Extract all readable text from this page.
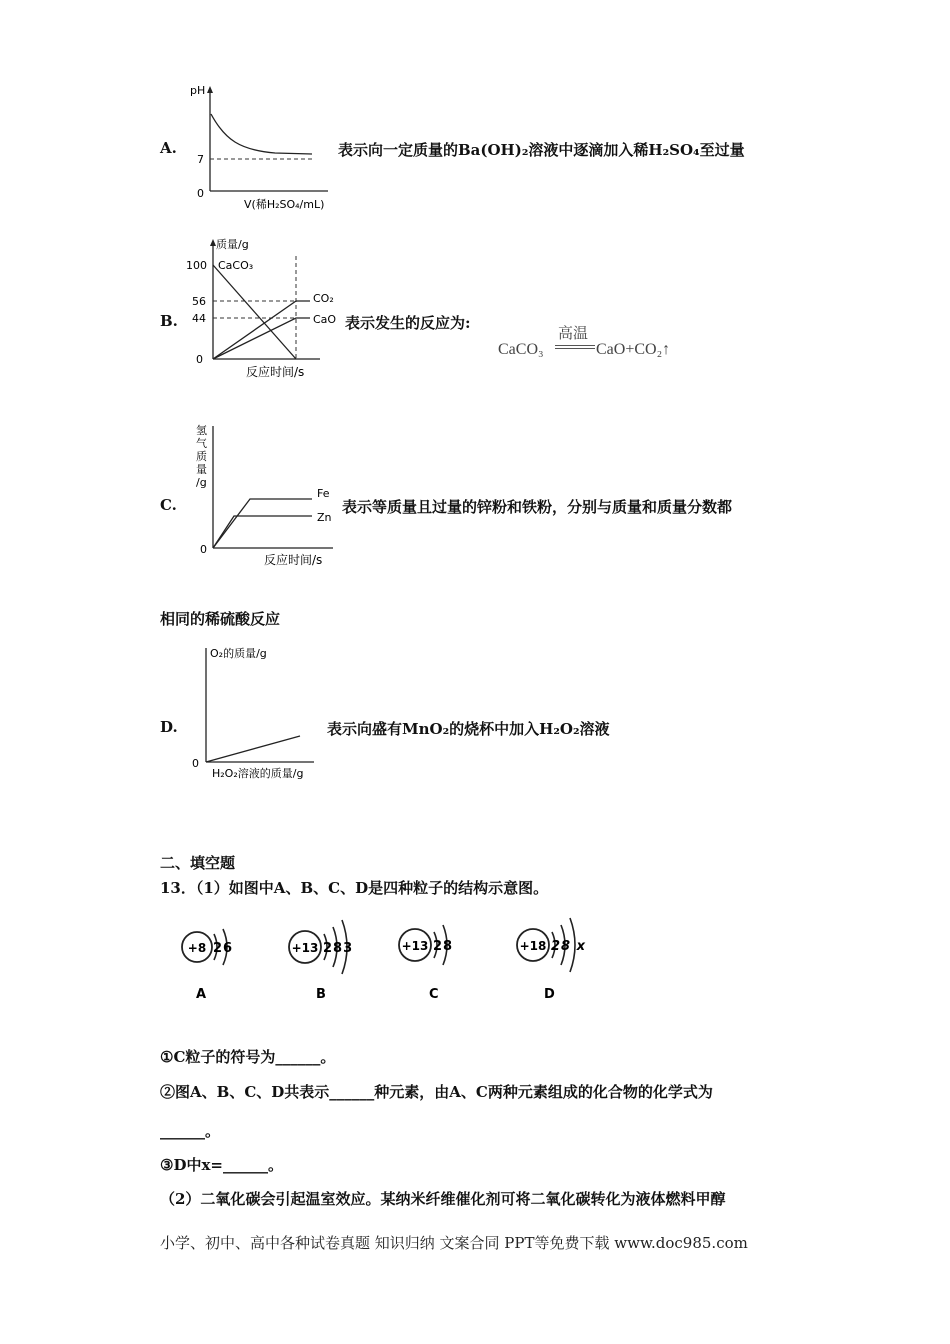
A.
pH
7
0
V(稀H₂SO₄/mL)
表示向一定质量的Ba(OH)₂溶液中逐滴加入稀H₂SO₄至过量
B.
质量/g
100 CaCO₃
56
44
0
CO₂
CaO
反应时间/s
表示发生的反应为:
CaCO₃
高温
CaO+CO₂↑
C.
氢
气
质
量
/g
0
Fe
Zn
反应时间/s
表示等质量且过量的锌粉和铁粉，分别与质量和质量分数都
相同的稀硫酸反应
D.
O₂的质量/g
0
H₂O₂溶液的质量/g
表示向盛有MnO₂的烧杯中加入H₂O₂溶液
二、填空题
13．（1）如图中A、B、C、D是四种粒子的结构示意图。
+8 26
A
+13 283
B
+13 28
C
+18 28 x
D
①C粒子的符号为______。
②图A、B、C、D共表示______种元素，由A、C两种元素组成的化合物的化学式为
______。
③D中x=______。
（2）二氧化碳会引起温室效应。某纳米纤维催化剂可将二氧化碳转化为液体燃料甲醇
小学、初中、高中各种试卷真题 知识归纳 文案合同 PPT等免费下载 www.doc985.com
